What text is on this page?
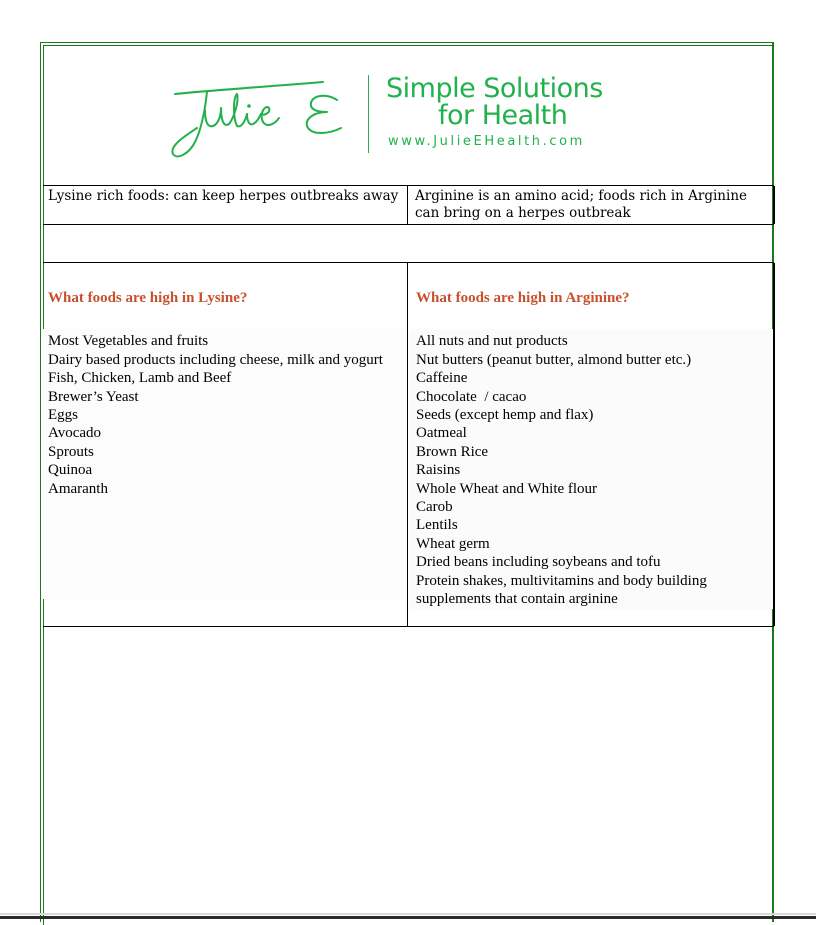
Simple Solutions
for Health
www.JulieEHealth.com
Lysine rich foods: can keep herpes outbreaks away	Arginine is an amino acid; foods rich in Arginine can bring on a herpes outbreak
What foods are high in Lysine?
Most Vegetables and fruits
Dairy based products including cheese, milk and yogurt
Fish, Chicken, Lamb and Beef
Brewer’s Yeast
Eggs
Avocado
Sprouts
Quinoa
Amaranth
What foods are high in Arginine?
All nuts and nut products
Nut butters (peanut butter, almond butter etc.)
Caffeine
Chocolate  / cacao
Seeds (except hemp and flax)
Oatmeal
Brown Rice
Raisins
Whole Wheat and White flour
Carob
Lentils
Wheat germ
Dried beans including soybeans and tofu
Protein shakes, multivitamins and body building supplements that contain arginine
